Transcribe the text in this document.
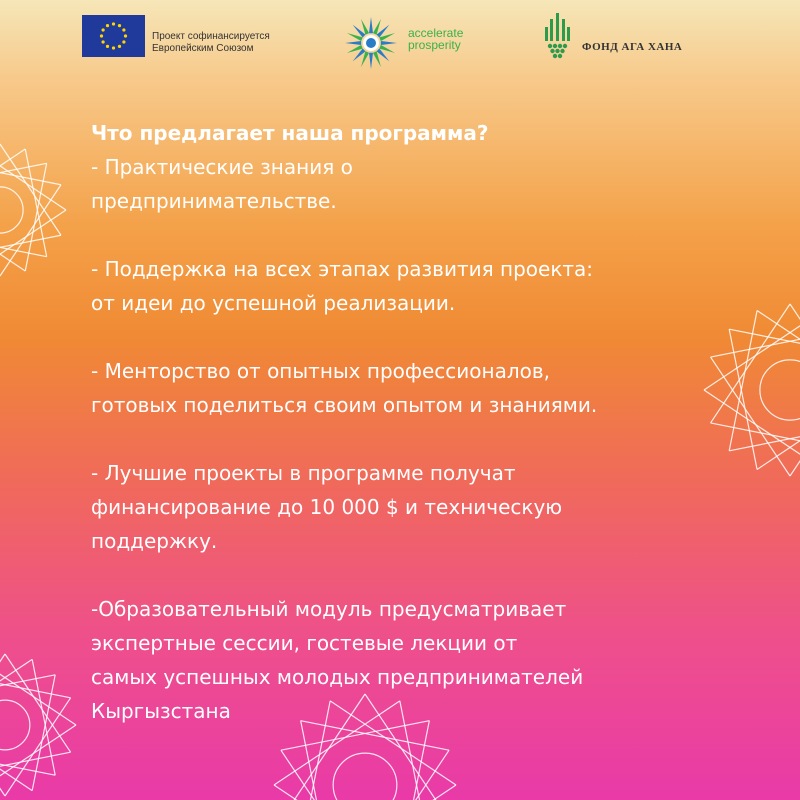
Проект софинансируется
Европейским Союзом
accelerate
prosperity	ФОНД АГА ХАНА

Что предлагает наша программа?

- Практические знания о

предпринимательстве.

- Поддержка на всех этапах развития проекта:

от идеи до успешной реализации.

- Менторство от опытных профессионалов,

готовых поделиться своим опытом и знаниями.

- Лучшие проекты в программе получат

финансирование до 10 000 $ и техническую

поддержку.

-Образовательный модуль предусматривает

экспертные сессии, гостевые лекции от

самых успешных молодых предпринимателей

Кыргызстана
